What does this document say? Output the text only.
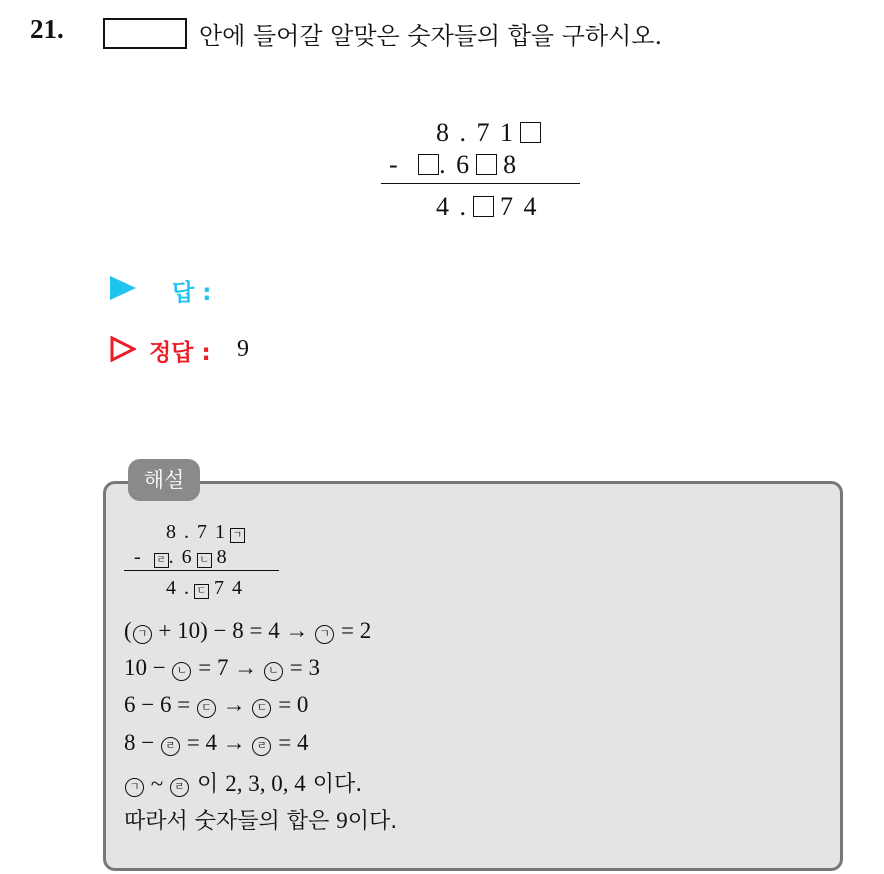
21.	안에 들어갈 알맞은 숫자들의 합을 구하시오.
8 . 7 1
- . 6 8
4 . 7 4
답 :
정답 : 9
해설
8 . 7 1 ㄱ
- ㄹ . 6 ㄴ 8
4 . ㄷ 7 4
( ㄱ + 10) − 8 = 4 → ㄱ = 2
10 − ㄴ = 7 → ㄴ = 3
6 − 6 = ㄷ → ㄷ = 0
8 − ㄹ = 4 → ㄹ = 4
ㄱ ~ ㄹ 이 2, 3, 0, 4 이다.
따라서 숫자들의 합은 9이다.
